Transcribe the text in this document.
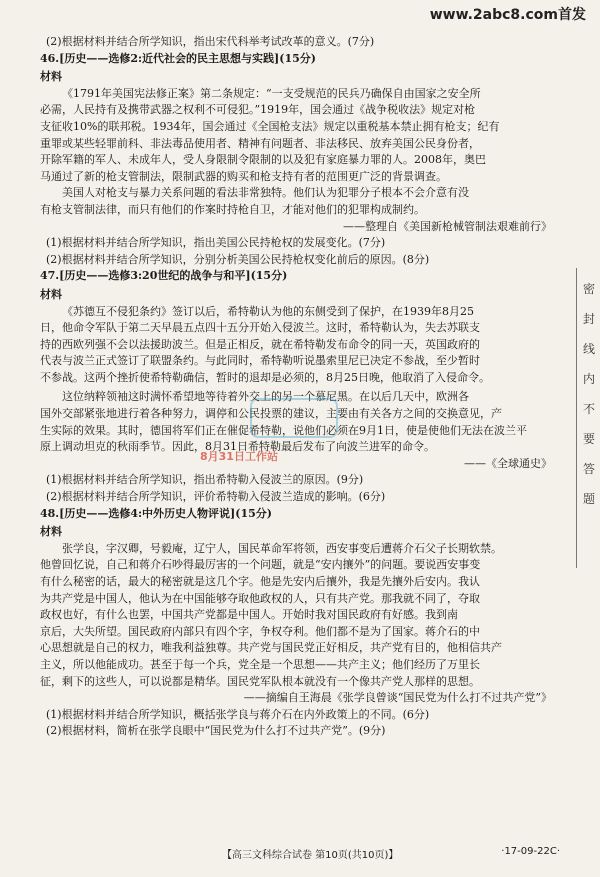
www.2abc8.com首发
(2)根据材料并结合所学知识，指出宋代科举考试改革的意义。(7分)
46.[历史——选修2:近代社会的民主思想与实践](15分)
材料
《1791年美国宪法修正案》第二条规定：“一支受规范的民兵乃确保自由国家之安全所
必需，人民持有及携带武器之权利不可侵犯。”1919年，国会通过《战争税收法》规定对枪
支征收10%的联邦税。1934年，国会通过《全国枪支法》规定以重税基本禁止拥有枪支；纪有
重罪或某些轻罪前科、非法毒品使用者、精神有问题者、非法移民、放弃美国公民身份者，
开除军籍的军人、未成年人，受人身限制令限制的以及犯有家庭暴力罪的人。2008年，奥巴
马通过了新的枪支管制法，限制武器的购买和枪支持有者的范围更广泛的背景调查。
美国人对枪支与暴力关系问题的看法非常独特。他们认为犯罪分子根本不会介意有没
有枪支管制法律，而只有他们的作案时持枪自卫，才能对他们的犯罪构成制约。
——整理自《美国新枪械管制法艰难前行》
(1)根据材料并结合所学知识，指出美国公民持枪权的发展变化。(7分)
(2)根据材料并结合所学知识，分别分析美国公民持枪权变化前后的原因。(8分)
47.[历史——选修3:20世纪的战争与和平](15分)
材料
《苏德互不侵犯条约》签订以后，希特勒认为他的东侧受到了保护，在1939年8月25
日，他命令军队于第二天早晨五点四十五分开始入侵波兰。这时，希特勒认为，失去苏联支
持的西欧列强不会以法援助波兰。但是正相反，就在希特勒发布命令的同一天，英国政府的
代表与波兰正式签订了联盟条约。与此同时，希特勒听说墨索里尼已决定不参战，至少暂时
不参战。这两个挫折使希特勒确信，暂时的退却是必须的，8月25日晚，他取消了入侵命令。
这位纳粹领袖这时满怀希望地等待着外交上的另一个慕尼黑。在以后几天中，欧洲各
国外交部紧张地进行着各种努力，调停和公民投票的建议，主要由有关各方之间的交换意见，产
生实际的效果。其时，德国将军们正在催促希特勒，说他们必须在9月1日，使是使他们无法在波兰平
原上调动坦克的秋雨季节。因此，8月31日希特勒最后发布了向波兰进军的命令。
——《全球通史》
(1)根据材料并结合所学知识，指出希特勒入侵波兰的原因。(9分)
(2)根据材料并结合所学知识，评价希特勒入侵波兰造成的影响。(6分)
48.[历史——选修4:中外历史人物评说](15分)
材料
张学良，字汉卿，号毅庵，辽宁人，国民革命军将领，西安事变后遭蒋介石父子长期软禁。
他曾回忆说，自己和蒋介石吵得最厉害的一个问题，就是“安内攘外”的问题。要说西安事变
有什么秘密的话，最大的秘密就是这几个字。他是先安内后攘外，我是先攘外后安内。我认
为共产党是中国人，他认为在中国能够夺取他政权的人，只有共产党。那我就不同了，夺取
政权也好，有什么也罢，中国共产党都是中国人。开始时我对国民政府有好感。我到南
京后，大失所望。国民政府内部只有四个字，争权夺利。他们都不是为了国家。蒋介石的中
心思想就是自己的权力，唯我利益独尊。共产党与国民党正好相反，共产党有目的，他相信共产
主义，所以他能成功。甚至于每一个兵，党全是一个思想——共产主义；他们经历了万里长
征，剩下的这些人，可以说都是精华。国民党军队根本就没有一个像共产党人那样的思想。
——摘编自王海晨《张学良曾谈“国民党为什么打不过共产党”》
(1)根据材料并结合所学知识，概括张学良与蒋介石在内外政策上的不同。(6分)
(2)根据材料，简析在张学良眼中“国民党为什么打不过共产党”。(9分)
8月31日工作站
密
封
线
内
不
要
答
题
【高三文科综合试卷 第10页(共10页)】	·17-09-22C·
